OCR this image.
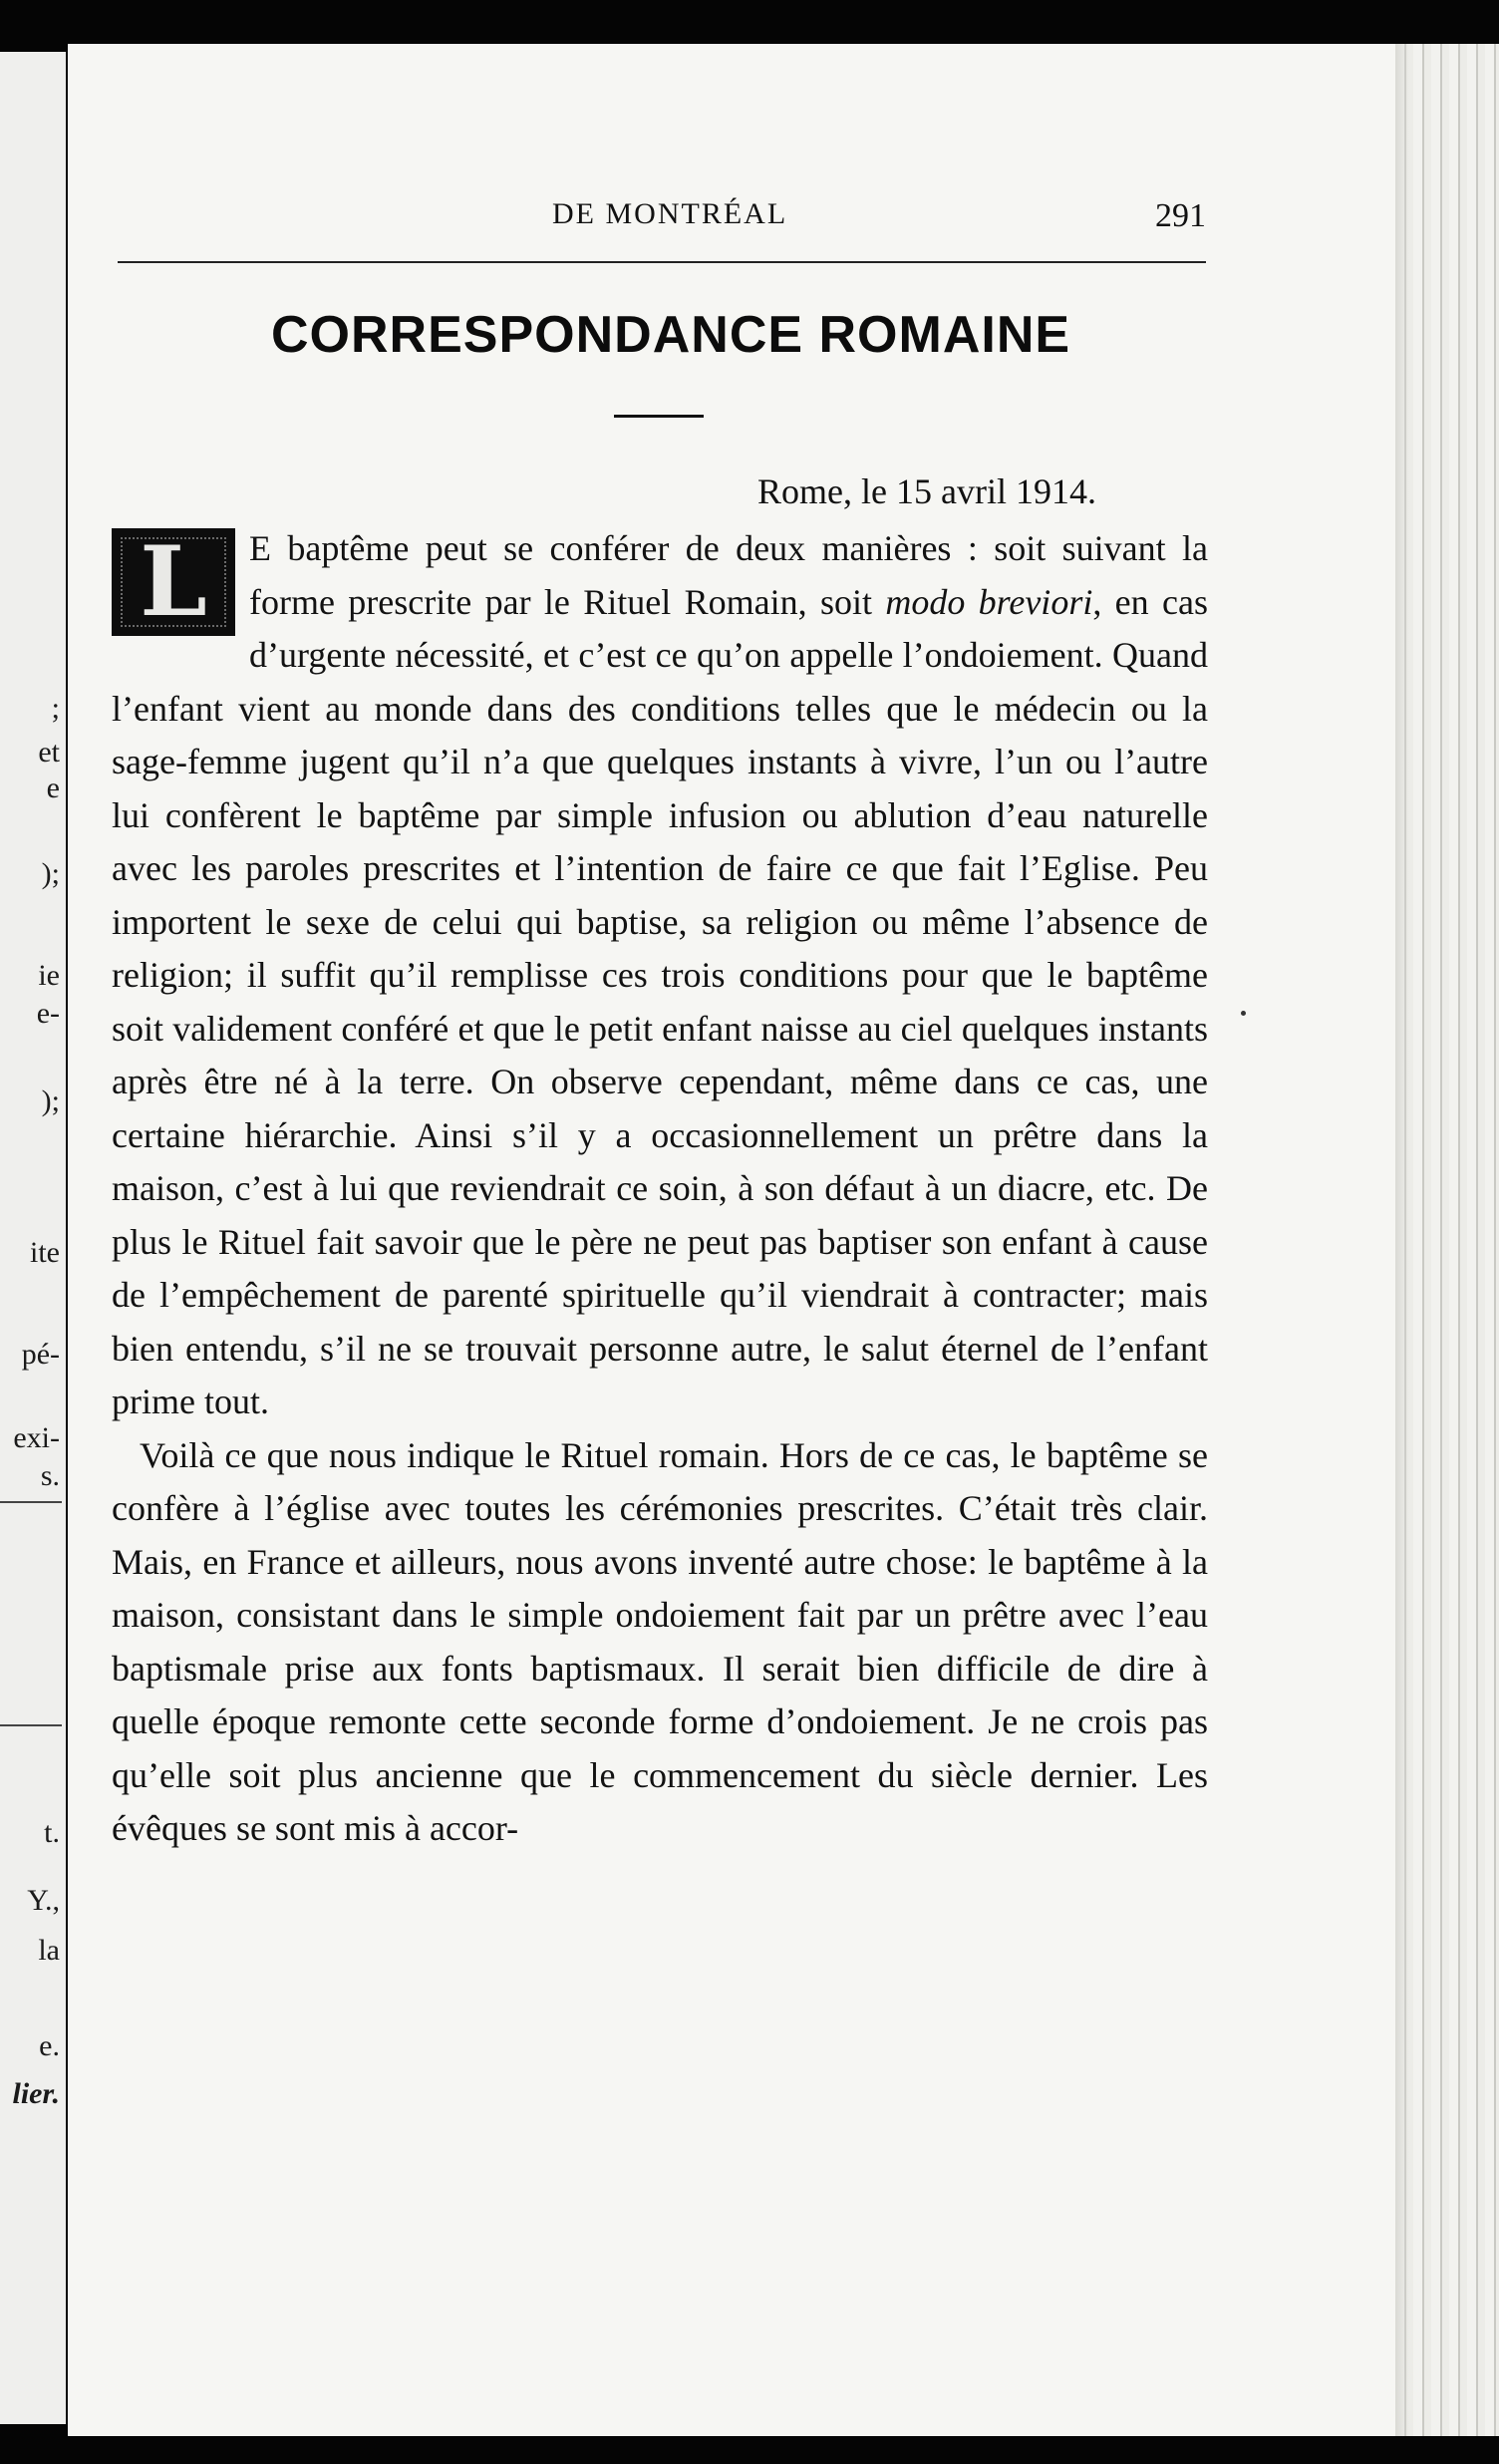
;
et
e
);
ie
e-
);
ite
pé-
exi-
s.
t.
Y.,
la
e.
lier.
DE MONTRÉAL	291
CORRESPONDANCE ROMAINE
Rome, le 15 avril 1914.

L E baptême peut se conférer de deux manières : soit suivant la forme prescrite par le Rituel Romain, soit modo breviori, en cas d’urgente nécessité, et c’est ce qu’on appelle l’ondoiement. Quand l’enfant vient au monde dans des conditions telles que le médecin ou la sage-femme jugent qu’il n’a que quelques instants à vivre, l’un ou l’autre lui confèrent le baptême par simple infusion ou ablution d’eau naturelle avec les paroles prescrites et l’intention de faire ce que fait l’Eglise. Peu importent le sexe de celui qui baptise, sa religion ou même l’absence de religion; il suffit qu’il remplisse ces trois conditions pour que le baptême soit validement conféré et que le petit enfant naisse au ciel quelques instants après être né à la terre. On observe cependant, même dans ce cas, une certaine hiérarchie. Ainsi s’il y a occasionnellement un prêtre dans la maison, c’est à lui que reviendrait ce soin, à son défaut à un diacre, etc. De plus le Rituel fait savoir que le père ne peut pas baptiser son enfant à cause de l’empêchement de parenté spirituelle qu’il viendrait à contracter; mais bien entendu, s’il ne se trouvait personne autre, le salut éternel de l’enfant prime tout.

Voilà ce que nous indique le Rituel romain. Hors de ce cas, le baptême se confère à l’église avec toutes les cérémonies prescrites. C’était très clair. Mais, en France et ailleurs, nous avons inventé autre chose: le baptême à la maison, consistant dans le simple ondoiement fait par un prêtre avec l’eau baptismale prise aux fonts baptismaux. Il serait bien difficile de dire à quelle époque remonte cette seconde forme d’ondoiement. Je ne crois pas qu’elle soit plus ancienne que le commencement du siècle dernier. Les évêques se sont mis à accor-
